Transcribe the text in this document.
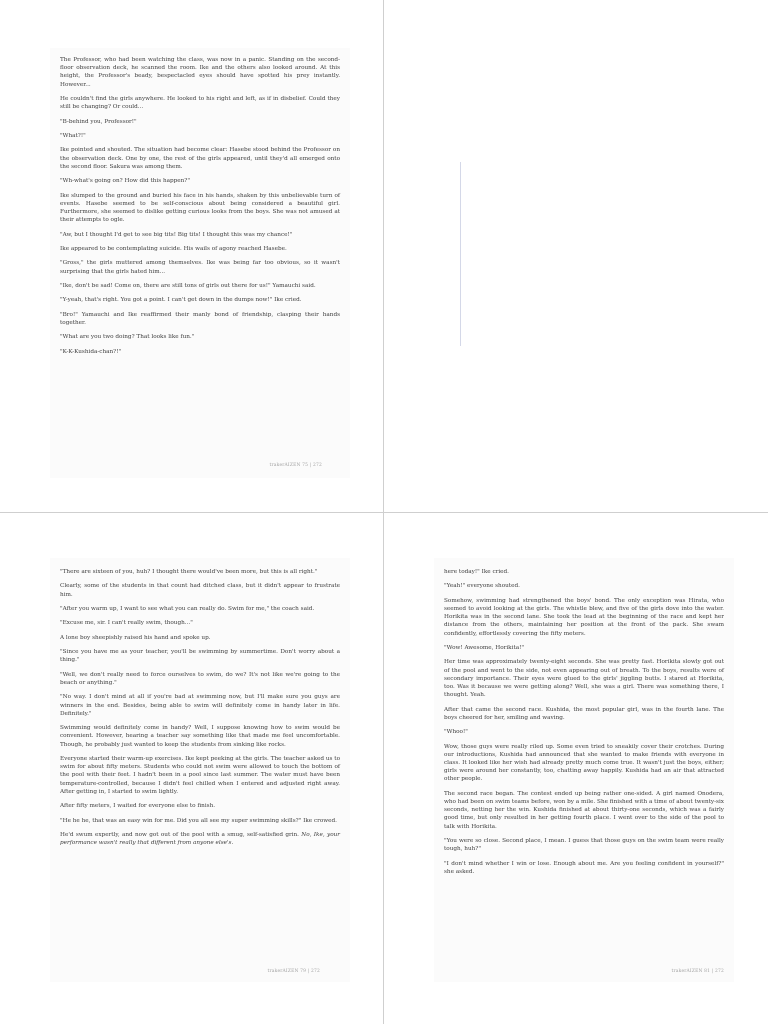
The Professor, who had been watching the class, was now in a panic. Standing on the second-floor observation deck, he scanned the room. Ike and the others also looked around. At this height, the Professor's beady, bespectacled eyes should have spotted his prey instantly. However...

He couldn't find the girls anywhere. He looked to his right and left, as if in disbelief. Could they still be changing? Or could...

"B-behind you, Professor!"

"What?!"

Ike pointed and shouted. The situation had become clear: Hasebe stood behind the Professor on the observation deck. One by one, the rest of the girls appeared, until they'd all emerged onto the second floor. Sakura was among them.

"Wh-what's going on? How did this happen?"

Ike slumped to the ground and buried his face in his hands, shaken by this unbelievable turn of events. Hasebe seemed to be self-conscious about being considered a beautiful girl. Furthermore, she seemed to dislike getting curious looks from the boys. She was not amused at their attempts to ogle.

"Aw, but I thought I'd get to see big tits! Big tits! I thought this was my chance!"

Ike appeared to be contemplating suicide. His wails of agony reached Hasebe.

"Gross," the girls muttered among themselves. Ike was being far too obvious, so it wasn't surprising that the girls hated him...

"Ike, don't be sad! Come on, there are still tons of girls out there for us!" Yamauchi said.

"Y-yeah, that's right. You got a point. I can't get down in the dumps now!" Ike cried.

"Bro!" Yamauchi and Ike reaffirmed their manly bond of friendship, clasping their hands together.

"What are you two doing? That looks like fun."

"K-K-Kushida-chan?!"

trakerAIZEN 75 | 272

"There are sixteen of you, huh? I thought there would've been more, but this is all right."

Clearly, some of the students in that count had ditched class, but it didn't appear to frustrate him.

"After you warm up, I want to see what you can really do. Swim for me," the coach said.

"Excuse me, sir. I can't really swim, though..."

A lone boy sheepishly raised his hand and spoke up.

"Since you have me as your teacher, you'll be swimming by summertime. Don't worry about a thing."

"Well, we don't really need to force ourselves to swim, do we? It's not like we're going to the beach or anything."

"No way. I don't mind at all if you're bad at swimming now, but I'll make sure you guys are winners in the end. Besides, being able to swim will definitely come in handy later in life. Definitely."

Swimming would definitely come in handy? Well, I suppose knowing how to swim would be convenient. However, hearing a teacher say something like that made me feel uncomfortable. Though, he probably just wanted to keep the students from sinking like rocks.

Everyone started their warm-up exercises. Ike kept peeking at the girls. The teacher asked us to swim for about fifty meters. Students who could not swim were allowed to touch the bottom of the pool with their feet. I hadn't been in a pool since last summer. The water must have been temperature-controlled, because I didn't feel chilled when I entered and adjusted right away. After getting in, I started to swim lightly.

After fifty meters, I waited for everyone else to finish.

"He he he, that was an easy win for me. Did you all see my super swimming skills?" Ike crowed.

He'd swum expertly, and now got out of the pool with a smug, self-satisfied grin. No, Ike, your performance wasn't really that different from anyone else's.

trakerAIZEN 79 | 272

here today!" Ike cried.

"Yeah!" everyone shouted.

Somehow, swimming had strengthened the boys' bond. The only exception was Hirata, who seemed to avoid looking at the girls. The whistle blew, and five of the girls dove into the water. Horikita was in the second lane. She took the lead at the beginning of the race and kept her distance from the others, maintaining her position at the front of the pack. She swam confidently, effortlessly covering the fifty meters.

"Wow! Awesome, Horikita!"

Her time was approximately twenty-eight seconds. She was pretty fast. Horikita slowly got out of the pool and went to the side, not even appearing out of breath. To the boys, results were of secondary importance. Their eyes were glued to the girls' jiggling butts. I stared at Horikita, too. Was it because we were getting along? Well, she was a girl. There was something there, I thought. Yeah.

After that came the second race. Kushida, the most popular girl, was in the fourth lane. The boys cheered for her, smiling and waving.

"Whoo!"

Wow, those guys were really riled up. Some even tried to sneakily cover their crotches. During our introductions, Kushida had announced that she wanted to make friends with everyone in class. It looked like her wish had already pretty much come true. It wasn't just the boys, either; girls were around her constantly, too, chatting away happily. Kushida had an air that attracted other people.

The second race began. The contest ended up being rather one-sided. A girl named Onodera, who had been on swim teams before, won by a mile. She finished with a time of about twenty-six seconds, netting her the win. Kushida finished at about thirty-one seconds, which was a fairly good time, but only resulted in her getting fourth place. I went over to the side of the pool to talk with Horikita.

"You were so close. Second place, I mean. I guess that those guys on the swim team were really tough, huh?"

"I don't mind whether I win or lose. Enough about me. Are you feeling confident in yourself?" she asked.

trakerAIZEN 81 | 272
